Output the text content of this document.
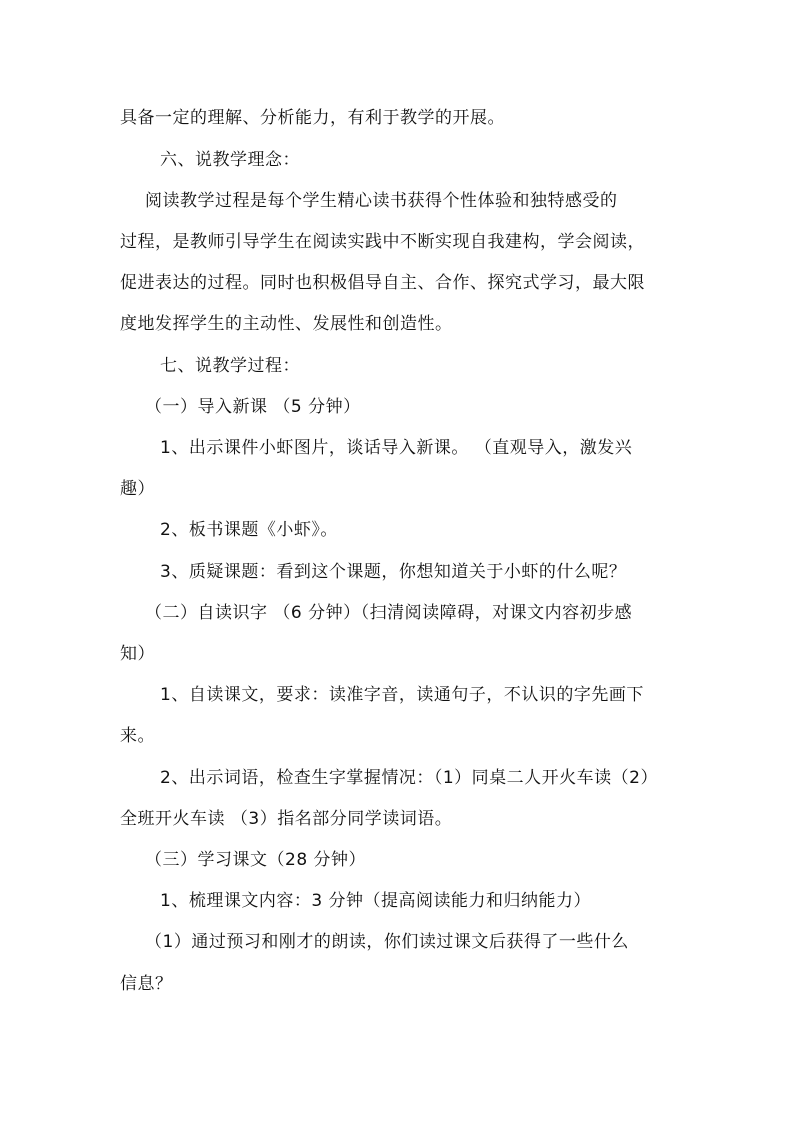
具备一定的理解、分析能力，有利于教学的开展。
六、说教学理念：
阅读教学过程是每个学生精心读书获得个性体验和独特感受的
过程，是教师引导学生在阅读实践中不断实现自我建构，学会阅读，
促进表达的过程。同时也积极倡导自主、合作、探究式学习，最大限
度地发挥学生的主动性、发展性和创造性。
七、说教学过程：
（一）导入新课 （5 分钟）
1、出示课件小虾图片，谈话导入新课。 （直观导入，激发兴
趣）
2、板书课题《小虾》。
3、质疑课题：看到这个课题，你想知道关于小虾的什么呢？
（二）自读识字 （6 分钟）（扫清阅读障碍，对课文内容初步感
知）
1、自读课文，要求：读准字音，读通句子，不认识的字先画下
来。
2、出示词语，检查生字掌握情况：（1）同桌二人开火车读（2）
全班开火车读 （3）指名部分同学读词语。
（三）学习课文（28 分钟）
1、梳理课文内容：3 分钟（提高阅读能力和归纳能力）
（1）通过预习和刚才的朗读，你们读过课文后获得了一些什么
信息？
